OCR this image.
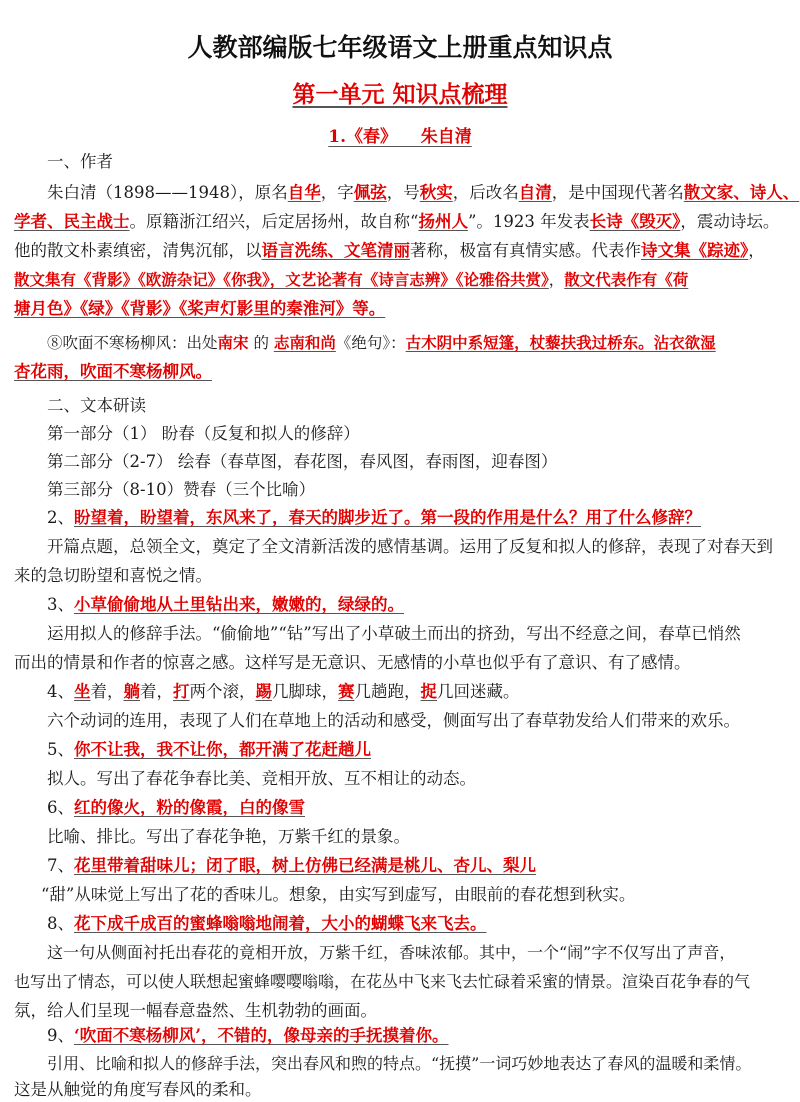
人教部编版七年级语文上册重点知识点
第一单元 知识点梳理
1.《春》    朱自清
一、作者
朱白清（1898——1948），原名自华，字佩弦，号秋实，后改名自清，是中国现代著名散文家、诗人、
学者、民主战士。原籍浙江绍兴，后定居扬州，故自称“扬州人”。1923 年发表长诗《毁灭》，震动诗坛。
他的散文朴素缜密，清隽沉郁，以语言洗练、文笔清丽著称，极富有真情实感。代表作诗文集《踪迹》，
散文集有《背影》《欧游杂记》《你我》，文艺论著有《诗言志辨》《论雅俗共赏》，散文代表作有《荷
塘月色》《绿》《背影》《桨声灯影里的秦淮河》等。
⑧吹面不寒杨柳风：出处南宋 的 志南和尚《绝句》：古木阴中系短篷，杖藜扶我过桥东。沾衣欲湿
杏花雨，吹面不寒杨柳风。
二、文本研读
第一部分（1） 盼春（反复和拟人的修辞）
第二部分（2-7） 绘春（春草图，春花图，春风图，春雨图，迎春图）
第三部分（8-10）赞春（三个比喻）
2、盼望着，盼望着，东风来了，春天的脚步近了。第一段的作用是什么？用了什么修辞？
开篇点题，总领全文，奠定了全文清新活泼的感情基调。运用了反复和拟人的修辞，表现了对春天到
来的急切盼望和喜悦之情。
3、小草偷偷地从土里钻出来，嫩嫩的，绿绿的。
运用拟人的修辞手法。“偷偷地”“钻”写出了小草破土而出的挤劲，写出不经意之间，春草已悄然
而出的情景和作者的惊喜之感。这样写是无意识、无感情的小草也似乎有了意识、有了感情。
4、坐着，躺着，打两个滚，踢几脚球，赛几趟跑，捉几回迷藏。
六个动词的连用，表现了人们在草地上的活动和感受，侧面写出了春草勃发给人们带来的欢乐。
5、你不让我，我不让你，都开满了花赶趟儿
拟人。写出了春花争春比美、竞相开放、互不相让的动态。
6、红的像火，粉的像霞，白的像雪
比喻、排比。写出了春花争艳，万紫千红的景象。
7、花里带着甜味儿；闭了眼，树上仿佛已经满是桃儿、杏儿、梨儿
“甜”从味觉上写出了花的香味儿。想象，由实写到虚写，由眼前的春花想到秋实。
8、花下成千成百的蜜蜂嗡嗡地闹着，大小的蝴蝶飞来飞去。
这一句从侧面衬托出春花的竟相开放，万紫千红，香味浓郁。其中，一个“闹”字不仅写出了声音，
也写出了情态，可以使人联想起蜜蜂嘤嘤嗡嗡，在花丛中飞来飞去忙碌着采蜜的情景。渲染百花争春的气
氛，给人们呈现一幅春意盎然、生机勃勃的画面。
9、‘吹面不寒杨柳风’，不错的，像母亲的手抚摸着你。
引用、比喻和拟人的修辞手法，突出春风和煦的特点。“抚摸”一词巧妙地表达了春风的温暖和柔情。
这是从触觉的角度写春风的柔和。
